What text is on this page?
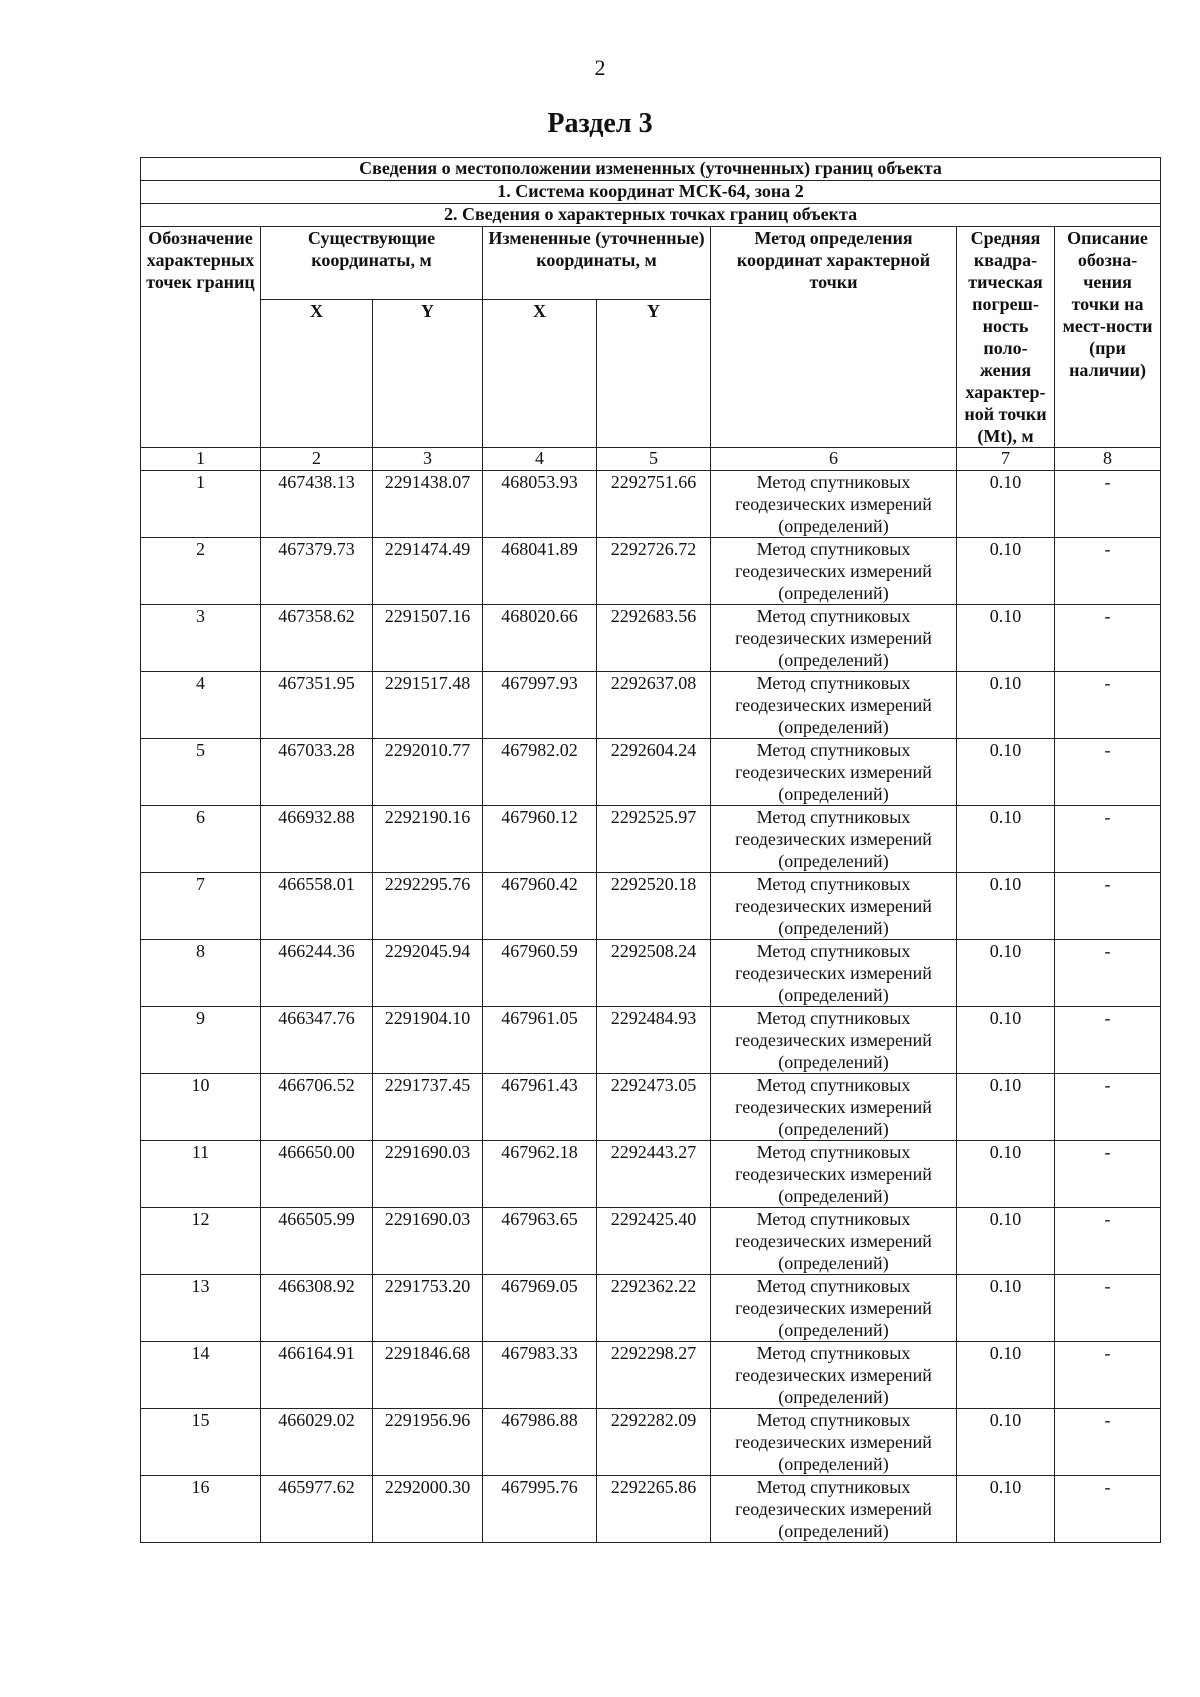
2
Раздел 3
Сведения о местоположении измененных (уточненных) границ объекта							
1. Система координат МСК-64, зона 2							
2. Сведения о характерных точках границ объекта							
Обозначение характерных точек границ	Существующие координаты, м		Измененные (уточненные) координаты, м		Метод определения координат характерной точки	Средняя квадра-тическая погреш-ность поло-жения характер-ной точки (Mt), м	Описание обозна-чения точки на мест-ности (при наличии)
	X	Y	X	Y			
1	2	3	4	5	6	7	8
1	467438.13	2291438.07	468053.93	2292751.66	Метод спутниковых геодезических измерений (определений)	0.10	-
2	467379.73	2291474.49	468041.89	2292726.72	Метод спутниковых геодезических измерений (определений)	0.10	-
3	467358.62	2291507.16	468020.66	2292683.56	Метод спутниковых геодезических измерений (определений)	0.10	-
4	467351.95	2291517.48	467997.93	2292637.08	Метод спутниковых геодезических измерений (определений)	0.10	-
5	467033.28	2292010.77	467982.02	2292604.24	Метод спутниковых геодезических измерений (определений)	0.10	-
6	466932.88	2292190.16	467960.12	2292525.97	Метод спутниковых геодезических измерений (определений)	0.10	-
7	466558.01	2292295.76	467960.42	2292520.18	Метод спутниковых геодезических измерений (определений)	0.10	-
8	466244.36	2292045.94	467960.59	2292508.24	Метод спутниковых геодезических измерений (определений)	0.10	-
9	466347.76	2291904.10	467961.05	2292484.93	Метод спутниковых геодезических измерений (определений)	0.10	-
10	466706.52	2291737.45	467961.43	2292473.05	Метод спутниковых геодезических измерений (определений)	0.10	-
11	466650.00	2291690.03	467962.18	2292443.27	Метод спутниковых геодезических измерений (определений)	0.10	-
12	466505.99	2291690.03	467963.65	2292425.40	Метод спутниковых геодезических измерений (определений)	0.10	-
13	466308.92	2291753.20	467969.05	2292362.22	Метод спутниковых геодезических измерений (определений)	0.10	-
14	466164.91	2291846.68	467983.33	2292298.27	Метод спутниковых геодезических измерений (определений)	0.10	-
15	466029.02	2291956.96	467986.88	2292282.09	Метод спутниковых геодезических измерений (определений)	0.10	-
16	465977.62	2292000.30	467995.76	2292265.86	Метод спутниковых геодезических измерений (определений)	0.10	-
